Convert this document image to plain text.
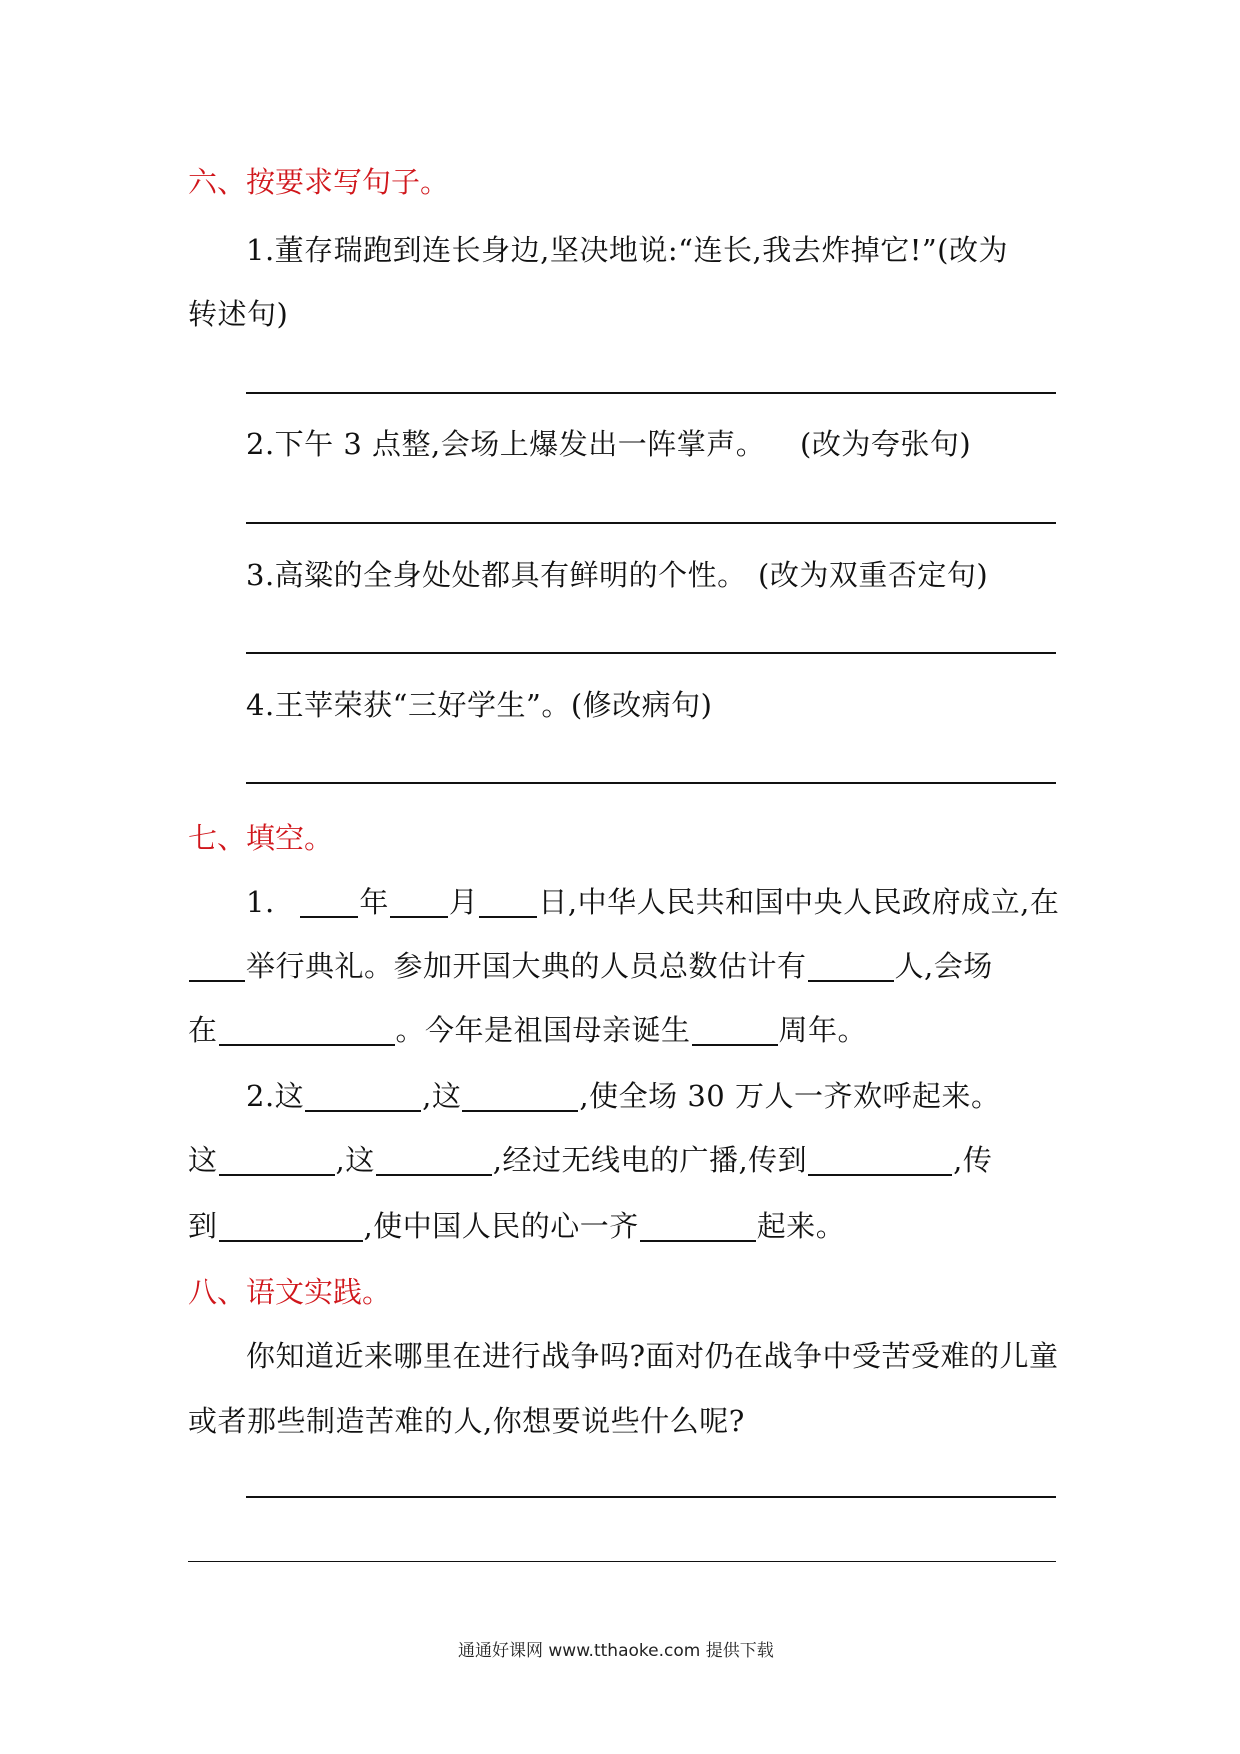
六、按要求写句子。
1.董存瑞跑到连长身边,坚决地说:“连长,我去炸掉它!”(改为
转述句)
2.下午 3 点整,会场上爆发出一阵掌声。 (改为夸张句)
3.高粱的全身处处都具有鲜明的个性。 (改为双重否定句)
4.王苹荣获“三好学生”。(修改病句)
七、填空。
1.	年 月 日,中华人民共和国中央人民政府成立,在
举行典礼。参加开国大典的人员总数估计有	人,会场
在	。今年是祖国母亲诞生	周年。
2.这	,这	,使全场 30 万人一齐欢呼起来。
这	,这	,经过无线电的广播,传到	,传
到	,使中国人民的心一齐	起来。
八、语文实践。
你知道近来哪里在进行战争吗?面对仍在战争中受苦受难的儿童
或者那些制造苦难的人,你想要说些什么呢?
通通好课网 www.tthaoke.com 提供下载
